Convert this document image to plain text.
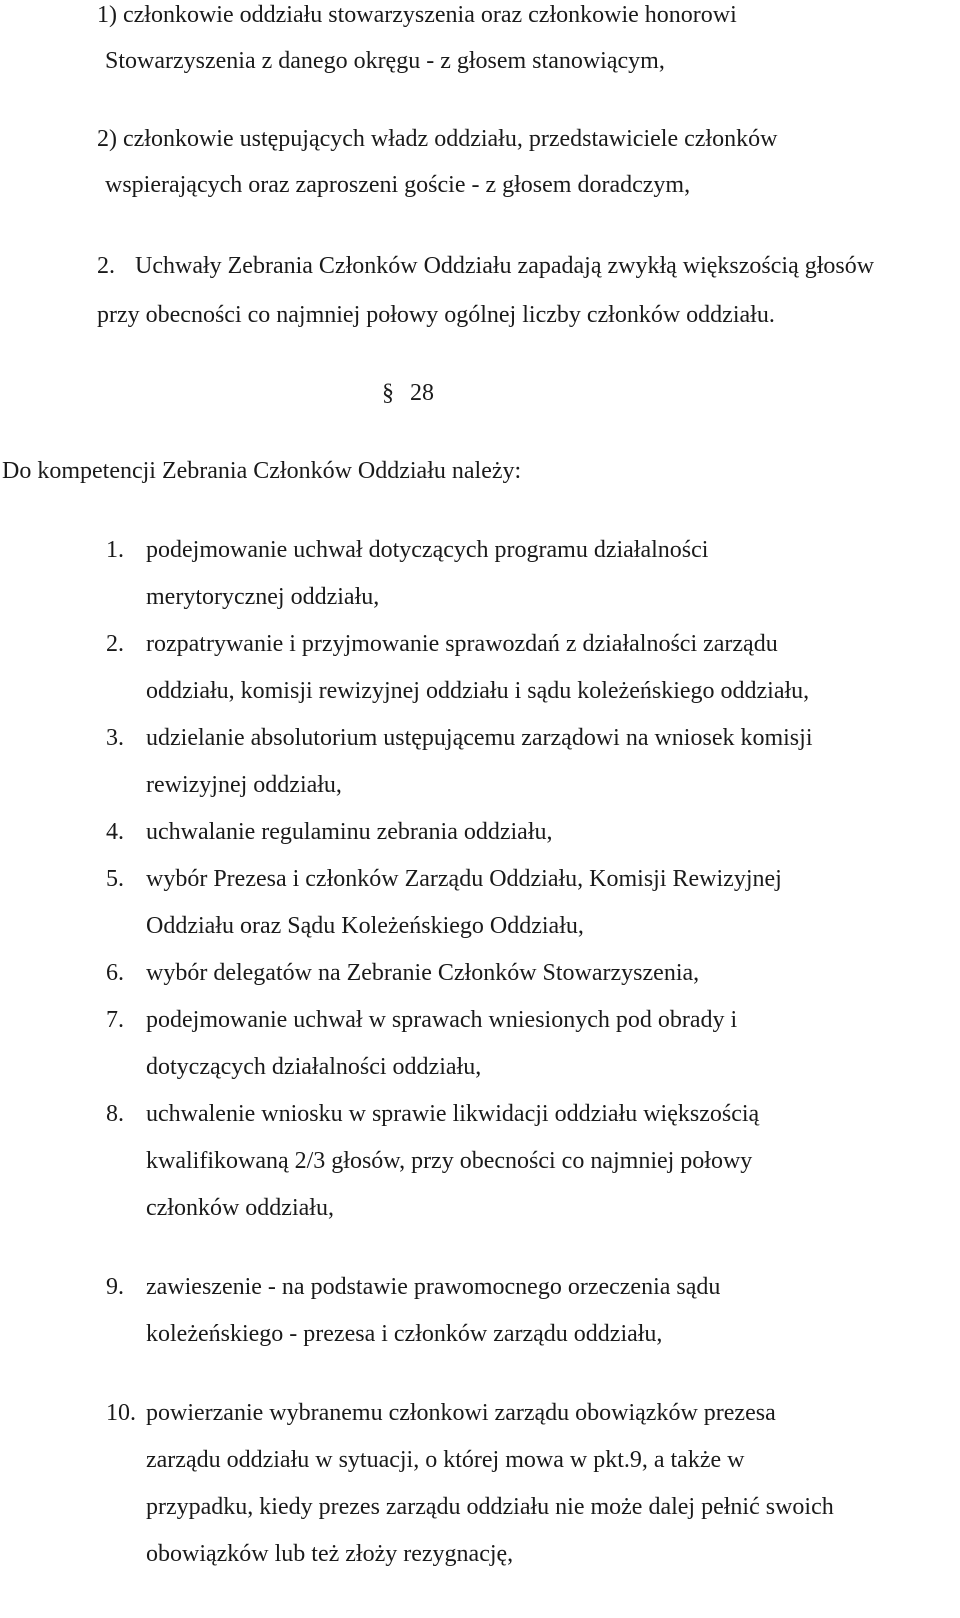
1) członkowie oddziału stowarzyszenia oraz członkowie honorowi
Stowarzyszenia z danego okręgu - z głosem stanowiącym,
2) członkowie ustępujących władz oddziału, przedstawiciele członków
wspierających oraz zaproszeni goście - z głosem doradczym,
2. Uchwały Zebrania Członków Oddziału zapadają zwykłą większością głosów
przy obecności co najmniej połowy ogólnej liczby członków oddziału.
§ 28
Do kompetencji Zebrania Członków Oddziału należy:
1. podejmowanie uchwał dotyczących programu działalności
merytorycznej oddziału,
2. rozpatrywanie i przyjmowanie sprawozdań z działalności zarządu
oddziału, komisji rewizyjnej oddziału i sądu koleżeńskiego oddziału,
3. udzielanie absolutorium ustępującemu zarządowi na wniosek komisji
rewizyjnej oddziału,
4. uchwalanie regulaminu zebrania oddziału,
5. wybór Prezesa i członków Zarządu Oddziału, Komisji Rewizyjnej
Oddziału oraz Sądu Koleżeńskiego Oddziału,
6. wybór delegatów na Zebranie Członków Stowarzyszenia,
7. podejmowanie uchwał w sprawach wniesionych pod obrady i
dotyczących działalności oddziału,
8. uchwalenie wniosku w sprawie likwidacji oddziału większością
kwalifikowaną 2/3 głosów, przy obecności co najmniej połowy
członków oddziału,
9. zawieszenie - na podstawie prawomocnego orzeczenia sądu
koleżeńskiego - prezesa i członków zarządu oddziału,
10. powierzanie wybranemu członkowi zarządu obowiązków prezesa
zarządu oddziału w sytuacji, o której mowa w pkt.9, a także w
przypadku, kiedy prezes zarządu oddziału nie może dalej pełnić swoich
obowiązków lub też złoży rezygnację,
